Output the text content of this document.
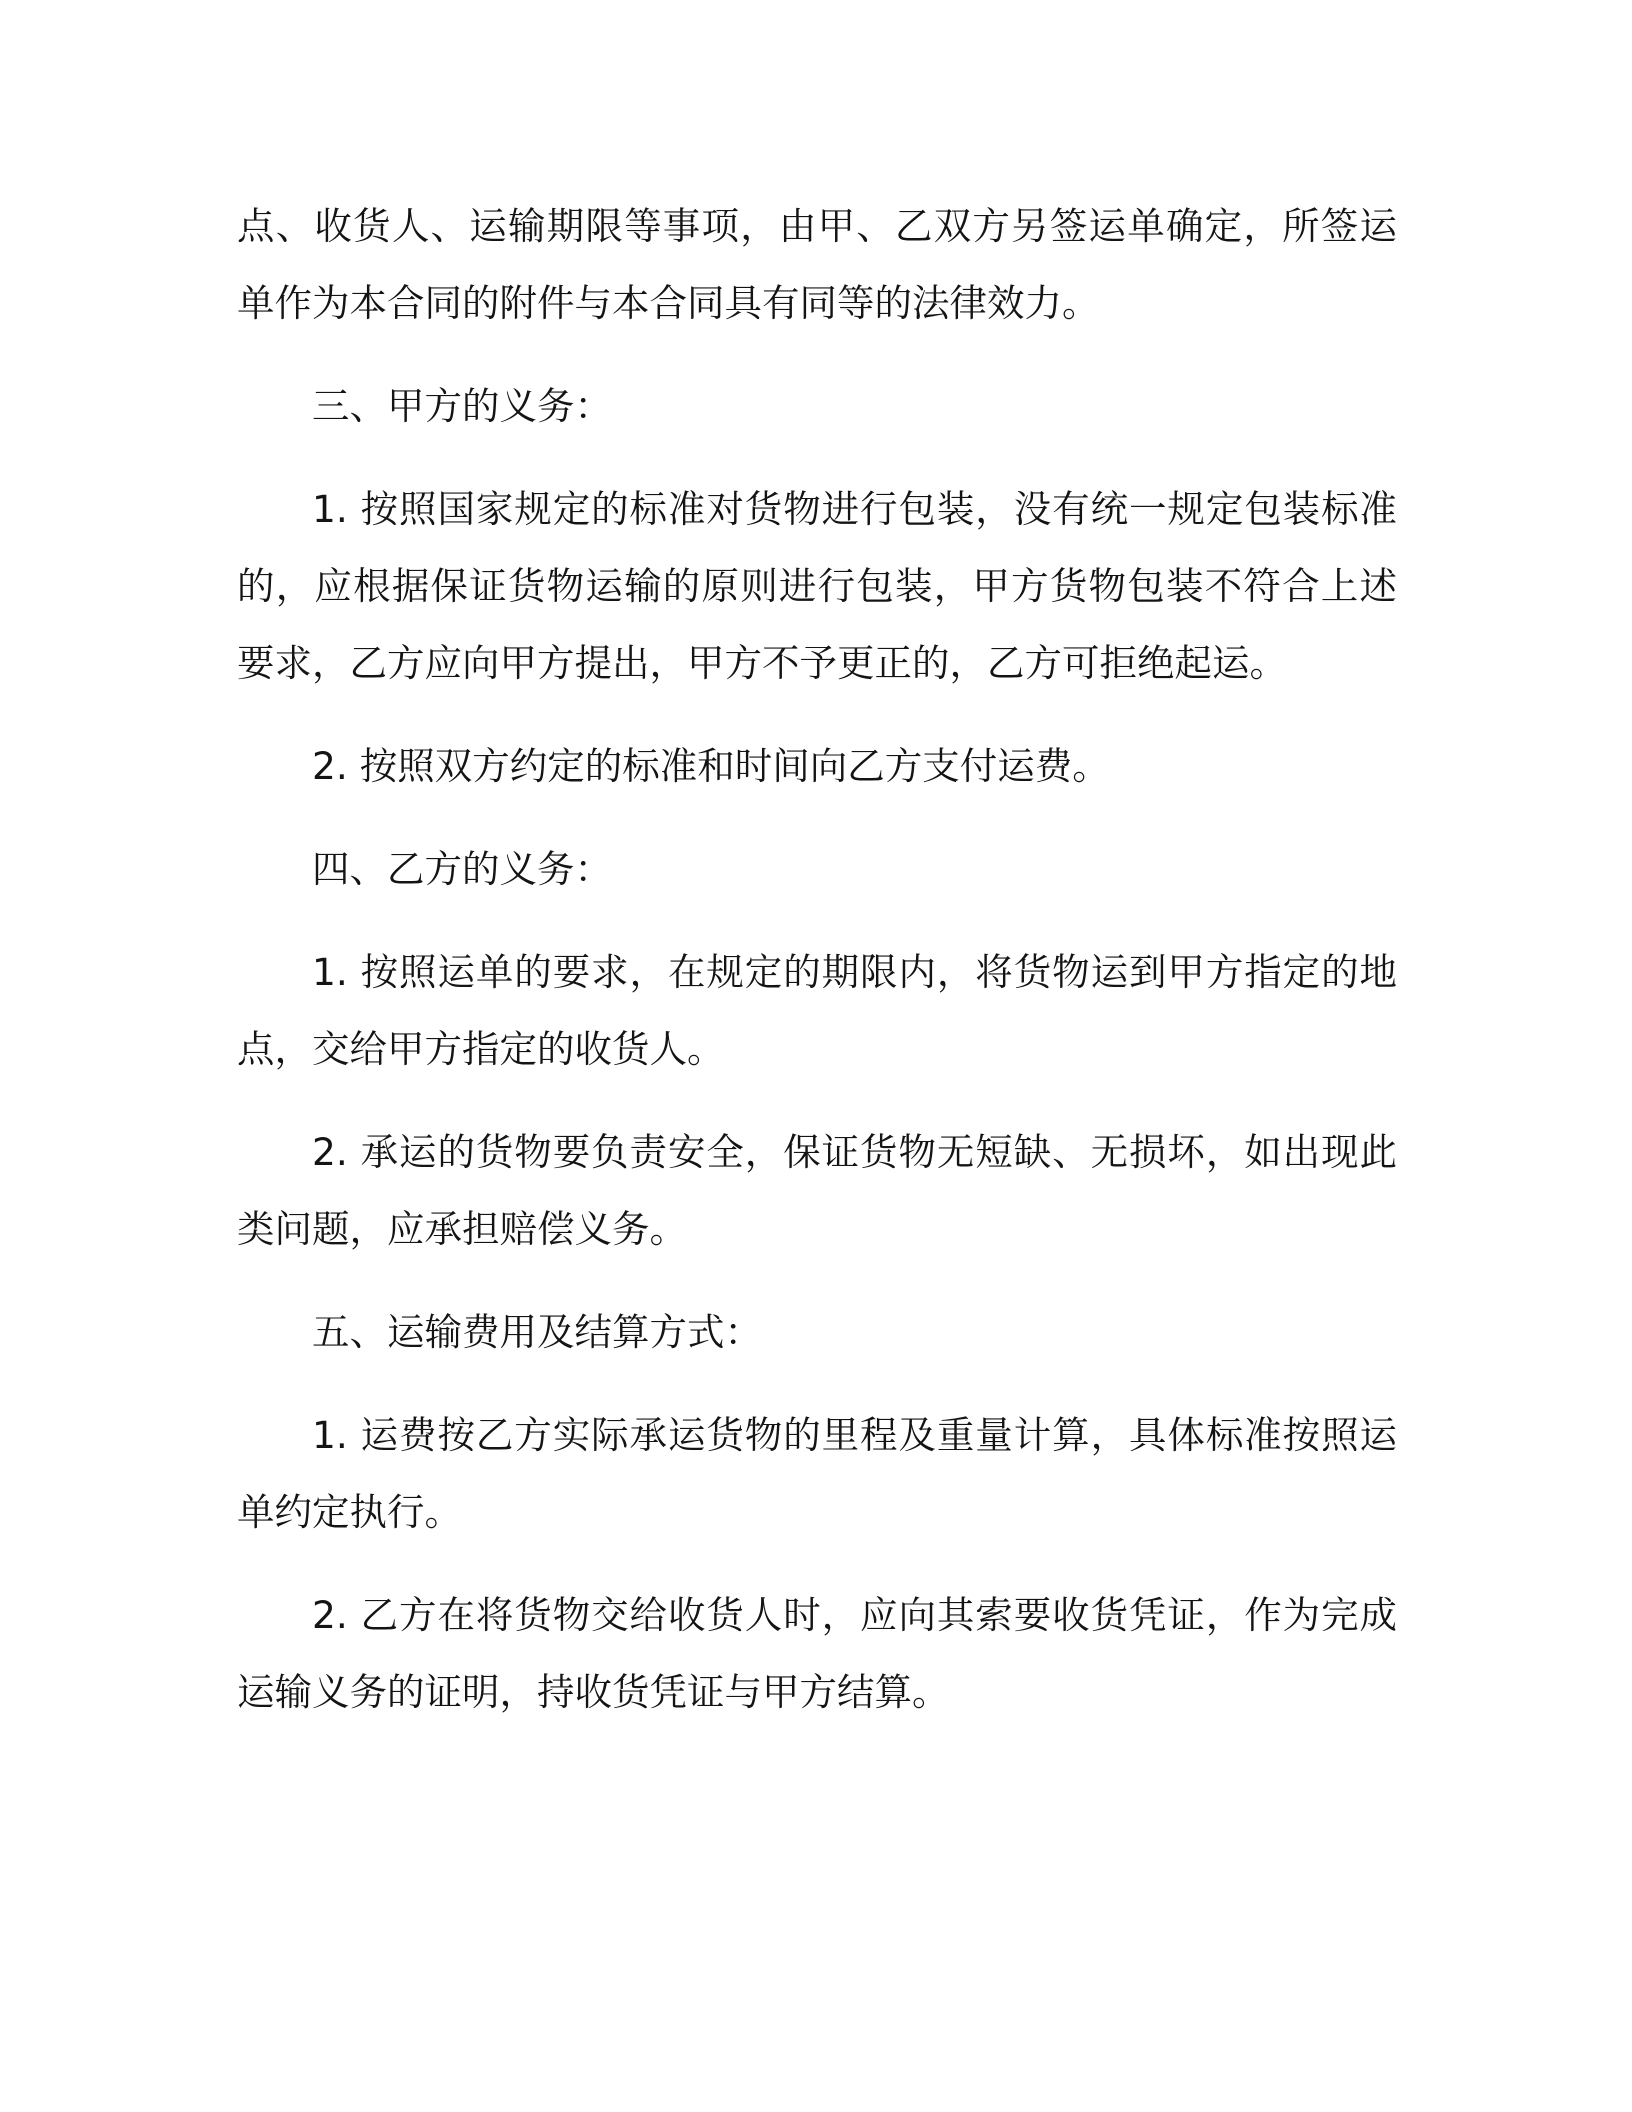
点、收货人、运输期限等事项，由甲、乙双方另签运单确定，所签运单作为本合同的附件与本合同具有同等的法律效力。

三、甲方的义务：

1. 按照国家规定的标准对货物进行包装，没有统一规定包装标准的，应根据保证货物运输的原则进行包装，甲方货物包装不符合上述要求，乙方应向甲方提出，甲方不予更正的，乙方可拒绝起运。

2. 按照双方约定的标准和时间向乙方支付运费。

四、乙方的义务：

1. 按照运单的要求，在规定的期限内，将货物运到甲方指定的地点，交给甲方指定的收货人。

2. 承运的货物要负责安全，保证货物无短缺、无损坏，如出现此类问题，应承担赔偿义务。

五、运输费用及结算方式：

1. 运费按乙方实际承运货物的里程及重量计算，具体标准按照运单约定执行。

2. 乙方在将货物交给收货人时，应向其索要收货凭证，作为完成运输义务的证明，持收货凭证与甲方结算。
